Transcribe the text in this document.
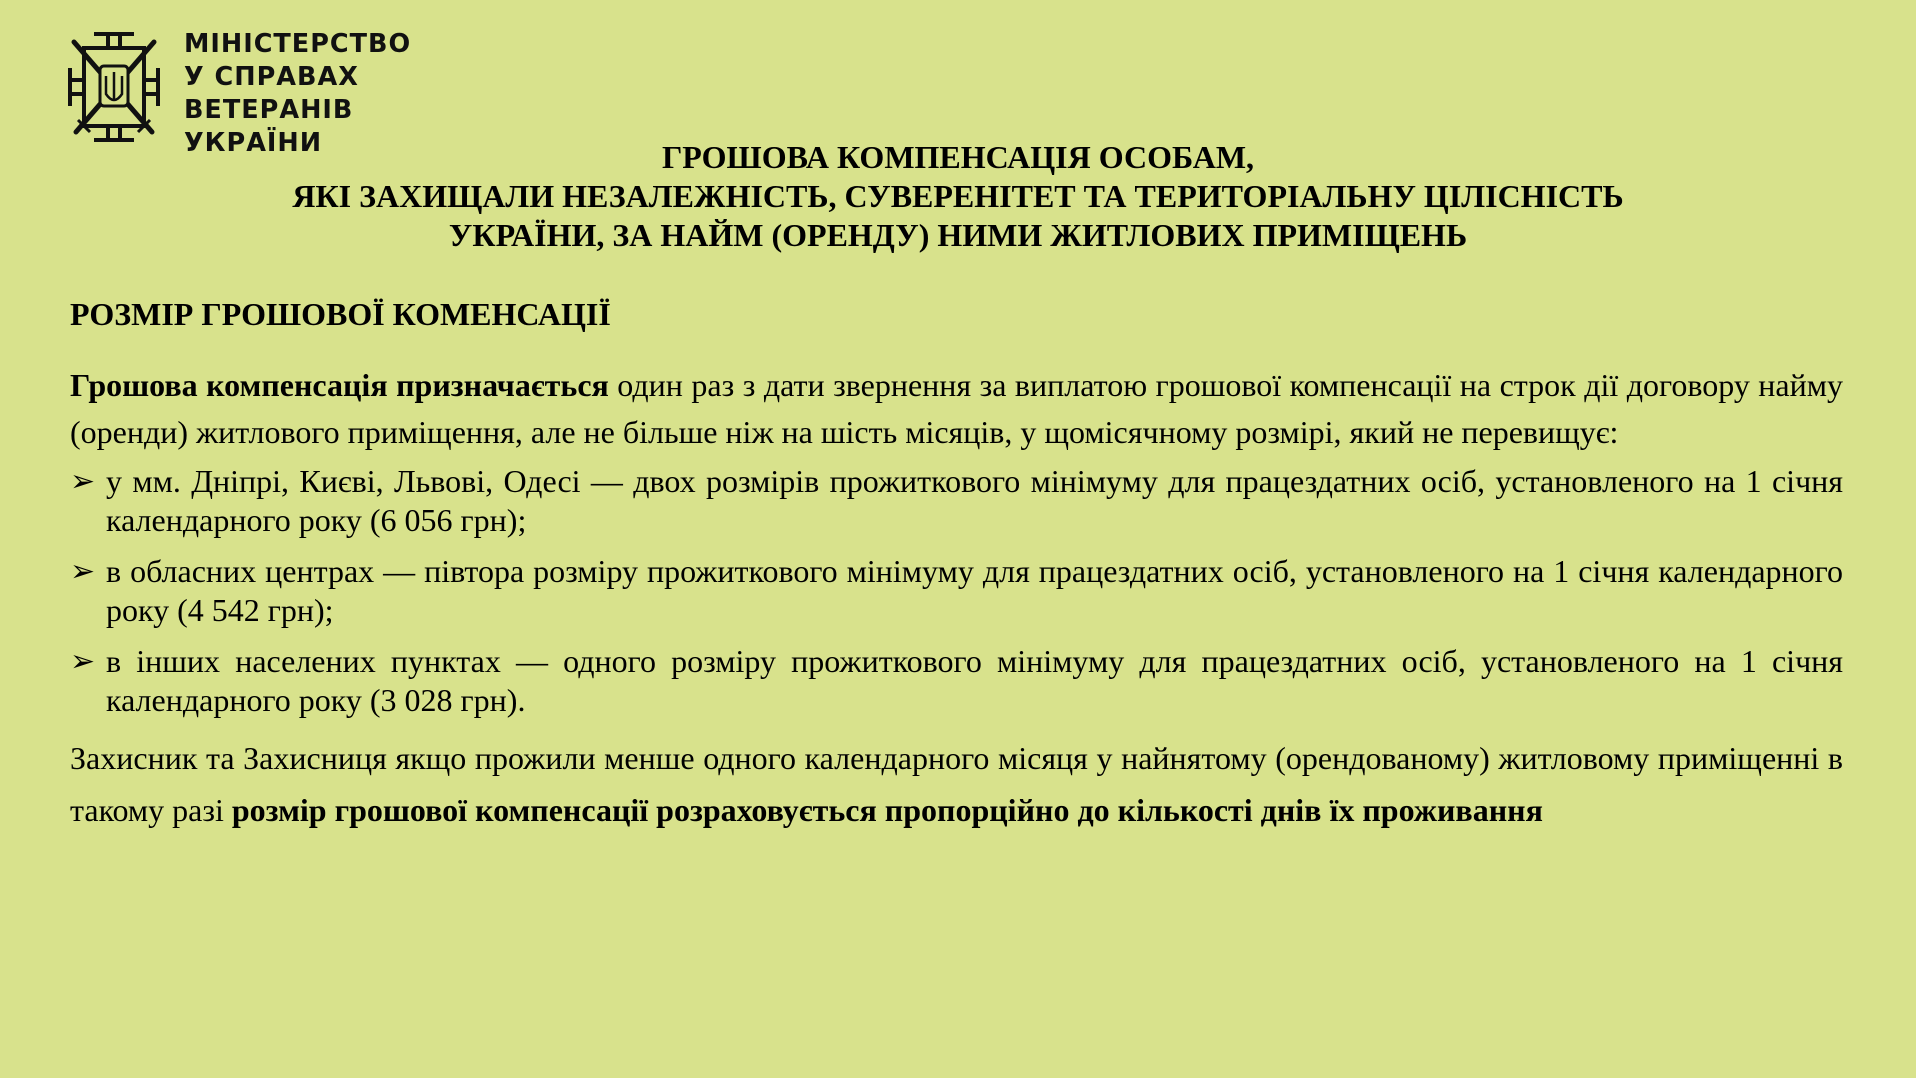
МІНІСТЕРСТВО
У СПРАВАХ
ВЕТЕРАНІВ
УКРАЇНИ	ГРОШОВА КОМПЕНСАЦІЯ ОСОБАМ,
ЯКІ ЗАХИЩАЛИ НЕЗАЛЕЖНІСТЬ, СУВЕРЕНІТЕТ ТА ТЕРИТОРІАЛЬНУ ЦІЛІСНІСТЬ
УКРАЇНИ, ЗА НАЙМ (ОРЕНДУ) НИМИ ЖИТЛОВИХ ПРИМІЩЕНЬ
РОЗМІР ГРОШОВОЇ КОМЕНСАЦІЇ

Грошова компенсація призначається один раз з дати звернення за виплатою грошової компенсації на строк дії договору найму (оренди) житлового приміщення, але не більше ніж на шість місяців, у щомісячному розмірі, який не перевищує:

➢ у мм. Дніпрі, Києві, Львові, Одесі — двох розмірів прожиткового мінімуму для працездатних осіб, установленого на 1 січня календарного року (6 056 грн);
➢ в обласних центрах — півтора розміру прожиткового мінімуму для працездатних осіб, установленого на 1 січня календарного року (4 542 грн);
➢ в інших населених пунктах — одного розміру прожиткового мінімуму для працездатних осіб, установленого на 1 січня календарного року (3 028 грн).

Захисник та Захисниця якщо прожили менше одного календарного місяця у найнятому (орендованому) житловому приміщенні в такому разі розмір грошової компенсації розраховується пропорційно до кількості днів їх проживання
